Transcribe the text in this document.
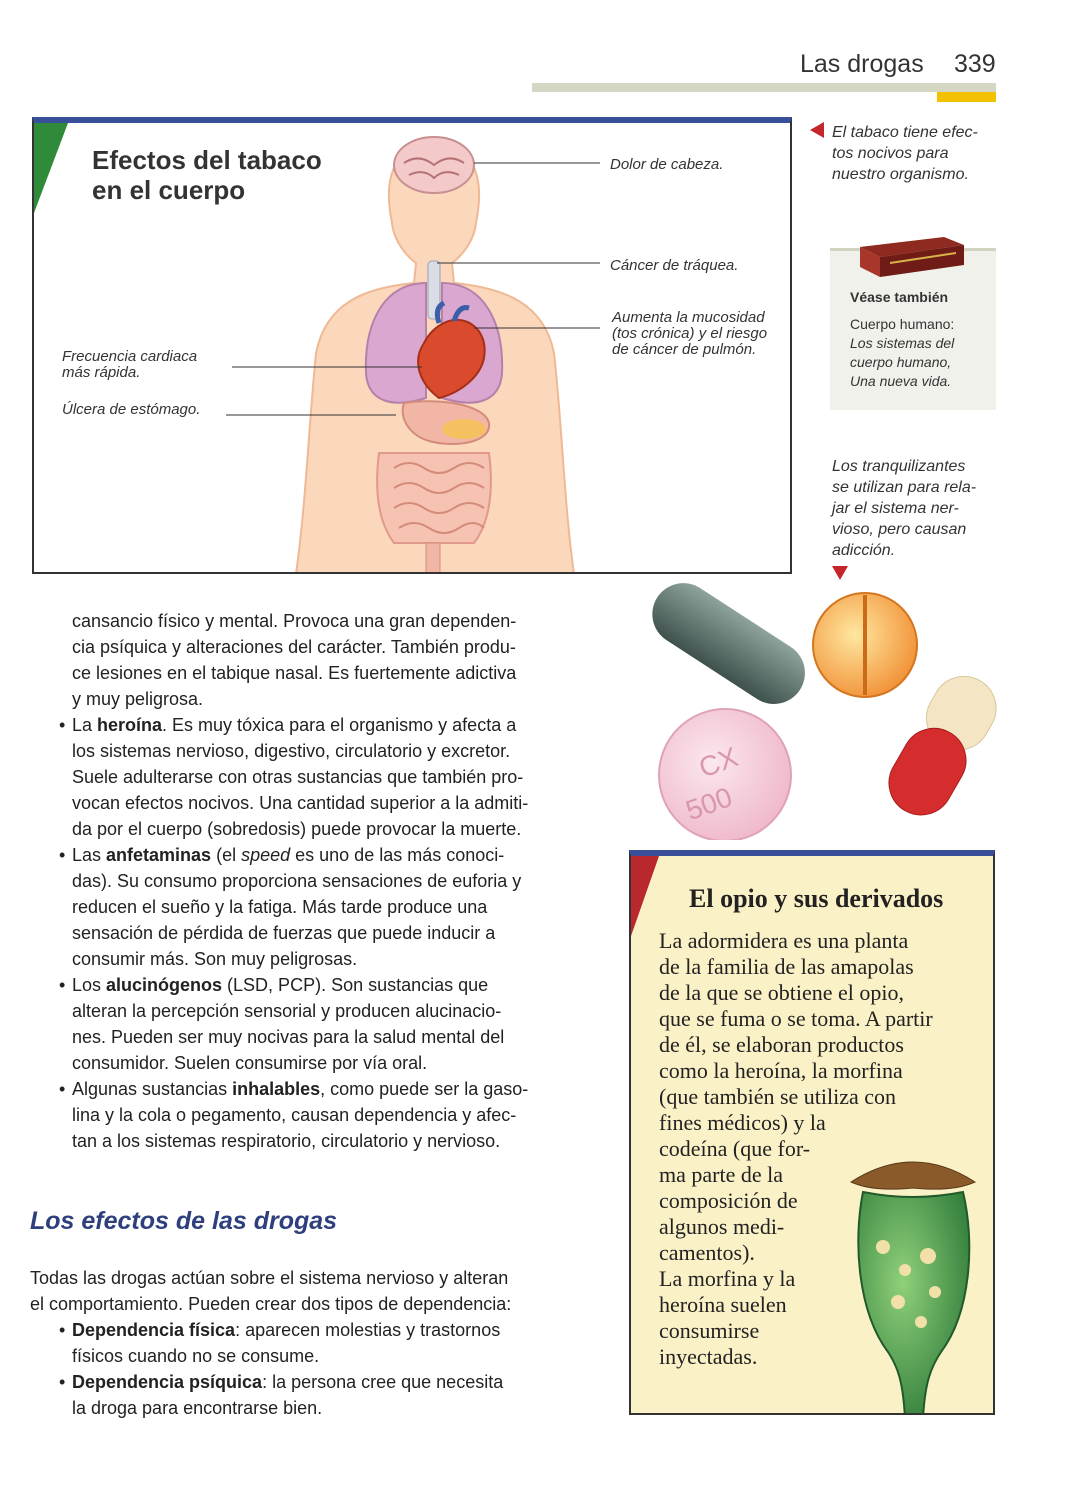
Las drogas 339
Efectos del tabaco
en el cuerpo
Dolor de cabeza.
Cáncer de tráquea.
Aumenta la mucosidad
(tos crónica) y el riesgo
de cáncer de pulmón.
Frecuencia cardiaca
más rápida.
Úlcera de estómago.
El tabaco tiene efec-
tos nocivos para
nuestro organismo.
Véase también
Cuerpo humano:
Los sistemas del
cuerpo humano,
Una nueva vida.
Los tranquilizantes
se utilizan para rela-
jar el sistema ner-
vioso, pero causan
adicción.
CX
500
cansancio físico y mental. Provoca una gran dependen-
cia psíquica y alteraciones del carácter. También produ-
ce lesiones en el tabique nasal. Es fuertemente adictiva
y muy peligrosa.
• La heroína. Es muy tóxica para el organismo y afecta a
los sistemas nervioso, digestivo, circulatorio y excretor.
Suele adulterarse con otras sustancias que también pro-
vocan efectos nocivos. Una cantidad superior a la admiti-
da por el cuerpo (sobredosis) puede provocar la muerte.
• Las anfetaminas (el speed es uno de las más conoci-
das). Su consumo proporciona sensaciones de euforia y
reducen el sueño y la fatiga. Más tarde produce una
sensación de pérdida de fuerzas que puede inducir a
consumir más. Son muy peligrosas.
• Los alucinógenos (LSD, PCP). Son sustancias que
alteran la percepción sensorial y producen alucinacio-
nes. Pueden ser muy nocivas para la salud mental del
consumidor. Suelen consumirse por vía oral.
• Algunas sustancias inhalables, como puede ser la gaso-
lina y la cola o pegamento, causan dependencia y afec-
tan a los sistemas respiratorio, circulatorio y nervioso.
Los efectos de las drogas
Todas las drogas actúan sobre el sistema nervioso y alteran
el comportamiento. Pueden crear dos tipos de dependencia:
• Dependencia física: aparecen molestias y trastornos
físicos cuando no se consume.
• Dependencia psíquica: la persona cree que necesita
la droga para encontrarse bien.
El opio y sus derivados
La adormidera es una planta
de la familia de las amapolas
de la que se obtiene el opio,
que se fuma o se toma. A partir
de él, se elaboran productos
como la heroína, la morfina
(que también se utiliza con
fines médicos) y la
codeína (que for-
ma parte de la
composición de
algunos medi-
camentos).
La morfina y la
heroína suelen
consumirse
inyectadas.
